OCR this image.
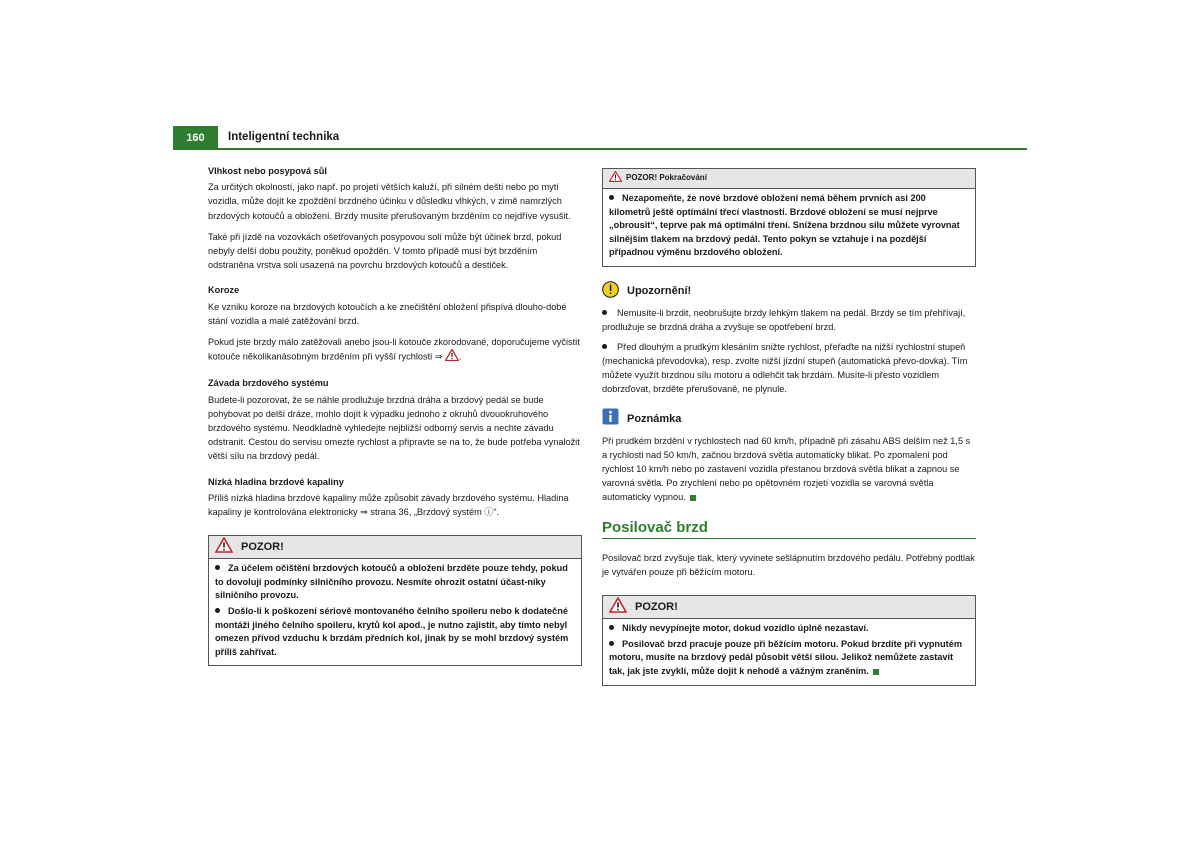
160	Inteligentní technika
Vlhkost nebo posypová sůl
Za určitých okolností, jako např. po projetí větších kaluží, při silném dešti nebo po mytí vozidla, může dojít ke zpoždění brzdného účinku v důsledku vlhkých, v zimě namrzlých brzdových kotoučů a obložení. Brzdy musíte přerušovaným brzděním co nejdříve vysušit.
Také při jízdě na vozovkách ošetřovaných posypovou solí může být účinek brzd, pokud nebyly delší dobu použity, poněkud opožděn. V tomto případě musí být brzděním odstraněna vrstva soli usazená na povrchu brzdových kotoučů a destiček.
Koroze
Ke vzniku koroze na brzdových kotoučích a ke znečištění obložení přispívá dlouho-dobé stání vozidla a malé zatěžování brzd.
Pokud jste brzdy málo zatěžovali anebo jsou-li kotouče zkorodované, doporučujeme vyčistit kotouče několikanásobným brzděním při vyšší rychlosti ⇒ .
Závada brzdového systému
Budete-li pozorovat, že se náhle prodlužuje brzdná dráha a brzdový pedál se bude pohybovat po delší dráze, mohlo dojít k výpadku jednoho z okruhů dvouokruhového brzdového systému. Neodkladně vyhledejte nejbližší odborný servis a nechte závadu odstranit. Cestou do servisu omezte rychlost a připravte se na to, že bude potřeba vynaložit větší sílu na brzdový pedál.
Nízká hladina brzdové kapaliny
Příliš nízká hladina brzdové kapaliny může způsobit závady brzdového systému. Hladina kapaliny je kontrolována elektronicky ⇒ strana 36, „Brzdový systém ⓘ“.
POZOR!
Za účelem očištění brzdových kotoučů a obložení brzděte pouze tehdy, pokud to dovolují podmínky silničního provozu. Nesmíte ohrozit ostatní účast-níky silničního provozu.
Došlo-li k poškození sériově montovaného čelního spoileru nebo k dodatečné montáži jiného čelního spoileru, krytů kol apod., je nutno zajistit, aby tímto nebyl omezen přívod vzduchu k brzdám předních kol, jinak by se mohl brzdový systém příliš zahřívat.
POZOR! Pokračování
Nezapomeňte, že nové brzdové obložení nemá během prvních asi 200 kilometrů ještě optimální třecí vlastnosti. Brzdové obložení se musí nejprve „obrousit“, teprve pak má optimální tření. Snížena brzdnou sílu můžete vyrovnat silnějším tlakem na brzdový pedál. Tento pokyn se vztahuje i na pozdější případnou výměnu brzdového obložení.
Upozornění!
Nemusíte-li brzdit, neobrušujte brzdy lehkým tlakem na pedál. Brzdy se tím přehřívají, prodlužuje se brzdná dráha a zvyšuje se opotřebení brzd.
Před dlouhým a prudkým klesáním snižte rychlost, přeřaďte na nižší rychlostní stupeň (mechanická převodovka), resp. zvolte nižší jízdní stupeň (automatická převo-dovka). Tím můžete využít brzdnou sílu motoru a odlehčit tak brzdám. Musíte-li přesto vozidlem dobrzďovat, brzděte přerušovaně, ne plynule.
Poznámka
Při prudkém brzdění v rychlostech nad 60 km/h, případně při zásahu ABS delším než 1,5 s a rychlosti nad 50 km/h, začnou brzdová světla automaticky blikat. Po zpomalení pod rychlost 10 km/h nebo po zastavení vozidla přestanou brzdová světla blikat a zapnou se varovná světla. Po zrychlení nebo po opětovném rozjetí vozidla se varovná světla automaticky vypnou.
Posilovač brzd
Posilovač brzd zvyšuje tlak, který vyvinete sešlápnutím brzdového pedálu. Potřebný podtlak je vytvářen pouze při běžícím motoru.
POZOR!
Nikdy nevypínejte motor, dokud vozidlo úplně nezastaví.
Posilovač brzd pracuje pouze při běžícím motoru. Pokud brzdíte při vypnutém motoru, musíte na brzdový pedál působit větší silou. Jelikož nemůžete zastavit tak, jak jste zvyklí, může dojít k nehodě a vážným zraněním.
